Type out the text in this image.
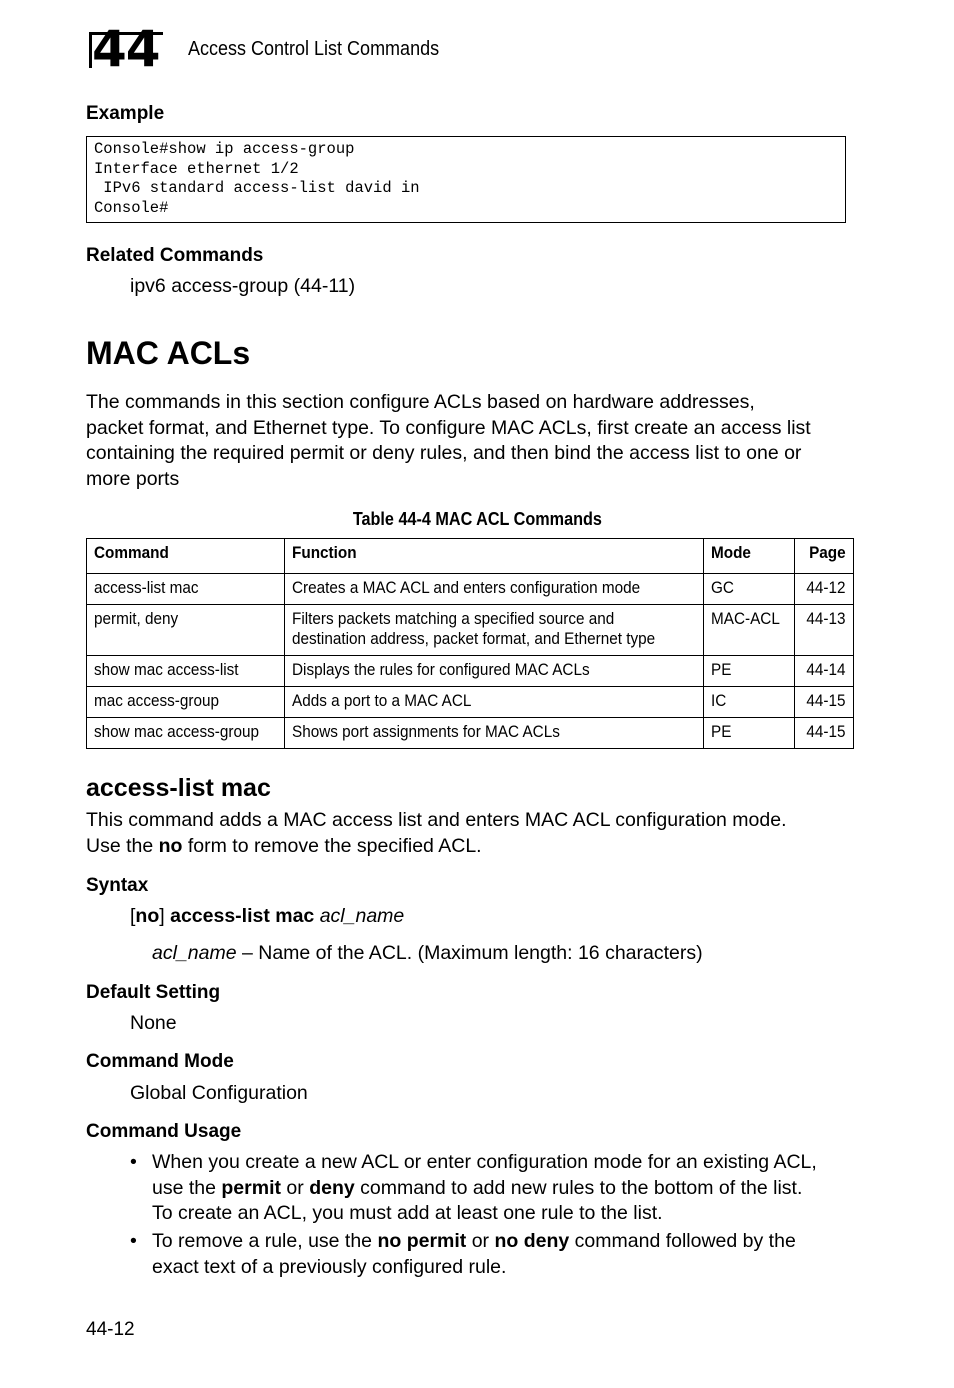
44 Access Control List Commands
Example
Console#show ip access-group
Interface ethernet 1/2
IPv6 standard access-list david in
Console#
Related Commands
ipv6 access-group (44-11)
MAC ACLs
The commands in this section configure ACLs based on hardware addresses,
packet format, and Ethernet type. To configure MAC ACLs, first create an access list
containing the required permit or deny rules, and then bind the access list to one or
more ports
Table 44-4 MAC ACL Commands
Command	Function	Mode	Page
access-list mac	Creates a MAC ACL and enters configuration mode	GC	44-12
permit, deny	Filters packets matching a specified source and
destination address, packet format, and Ethernet type	MAC-ACL	44-13
show mac access-list	Displays the rules for configured MAC ACLs	PE	44-14
mac access-group	Adds a port to a MAC ACL	IC	44-15
show mac access-group	Shows port assignments for MAC ACLs	PE	44-15
access-list mac
This command adds a MAC access list and enters MAC ACL configuration mode.
Use the no form to remove the specified ACL.
Syntax
[no] access-list mac acl_name
acl_name – Name of the ACL. (Maximum length: 16 characters)
Default Setting
None
Command Mode
Global Configuration
Command Usage
• When you create a new ACL or enter configuration mode for an existing ACL,
use the permit or deny command to add new rules to the bottom of the list.
To create an ACL, you must add at least one rule to the list.
• To remove a rule, use the no permit or no deny command followed by the
exact text of a previously configured rule.
44-12
